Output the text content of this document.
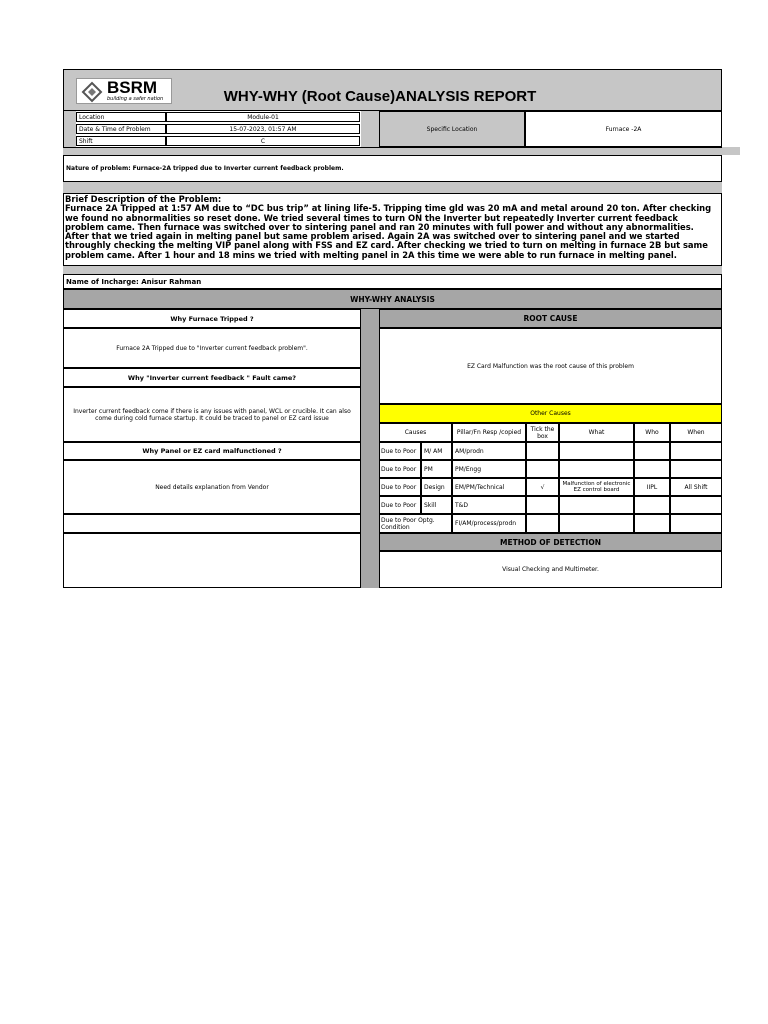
BSRM
building a safer nation	WHY-WHY (Root Cause)ANALYSIS REPORT
Location	Module-01
Date & Time of Problem	15-07-2023, 01:57 AM
Shift	C
Specific Location	Furnace -2A
Nature of problem: Furnace-2A tripped due to Inverter current feedback problem.
Brief Description of the Problem:
Furnace 2A Tripped at 1:57 AM due to “DC bus trip” at lining life-5. Tripping time gld was 20 mA and metal around 20 ton. After checking we found no abnormalities so reset done. We tried several times to turn ON the Inverter but repeatedly Inverter current feedback problem came. Then furnace was switched over to sintering panel and ran 20 minutes with full power and without any abnormalities. After that we tried again in melting panel but same problem arised. Again 2A was switched over to sintering panel and we started throughly checking the melting VIP panel along with FSS and EZ card. After checking we tried to turn on melting in furnace 2B but same problem came. After 1 hour and 18 mins we tried with melting panel in 2A this time we were able to run furnace in melting panel.
Name of Incharge: Anisur Rahman
WHY-WHY ANALYSIS
Why Furnace Tripped ?
Furnace 2A Tripped due to "Inverter current feedback problem".
Why "Inverter current feedback " Fault came?
Inverter current feedback come if there is any issues with panel, WCL or crucible. It can also come during cold furnace startup. It could be traced to panel or EZ card issue
Why Panel or EZ card malfunctioned ?
Need details explanation from Vendor
ROOT CAUSE
EZ Card Malfunction was the root cause of this problem
Other Causes
Causes	Pillar/Fn Resp /copied	Tick the box	What	Who	When
Due to Poor	M/ AM	AM/prodn
Due to Poor	PM	PM/Engg
Due to Poor	Design	EM/PM/Technical	√	Malfunction of electronic EZ control board	IIPL	All Shift
Due to Poor	Skill	T&D
Due to Poor Optg. Condition	FI/AM/process/prodn
METHOD OF DETECTION
Visual Checking and Multimeter.
